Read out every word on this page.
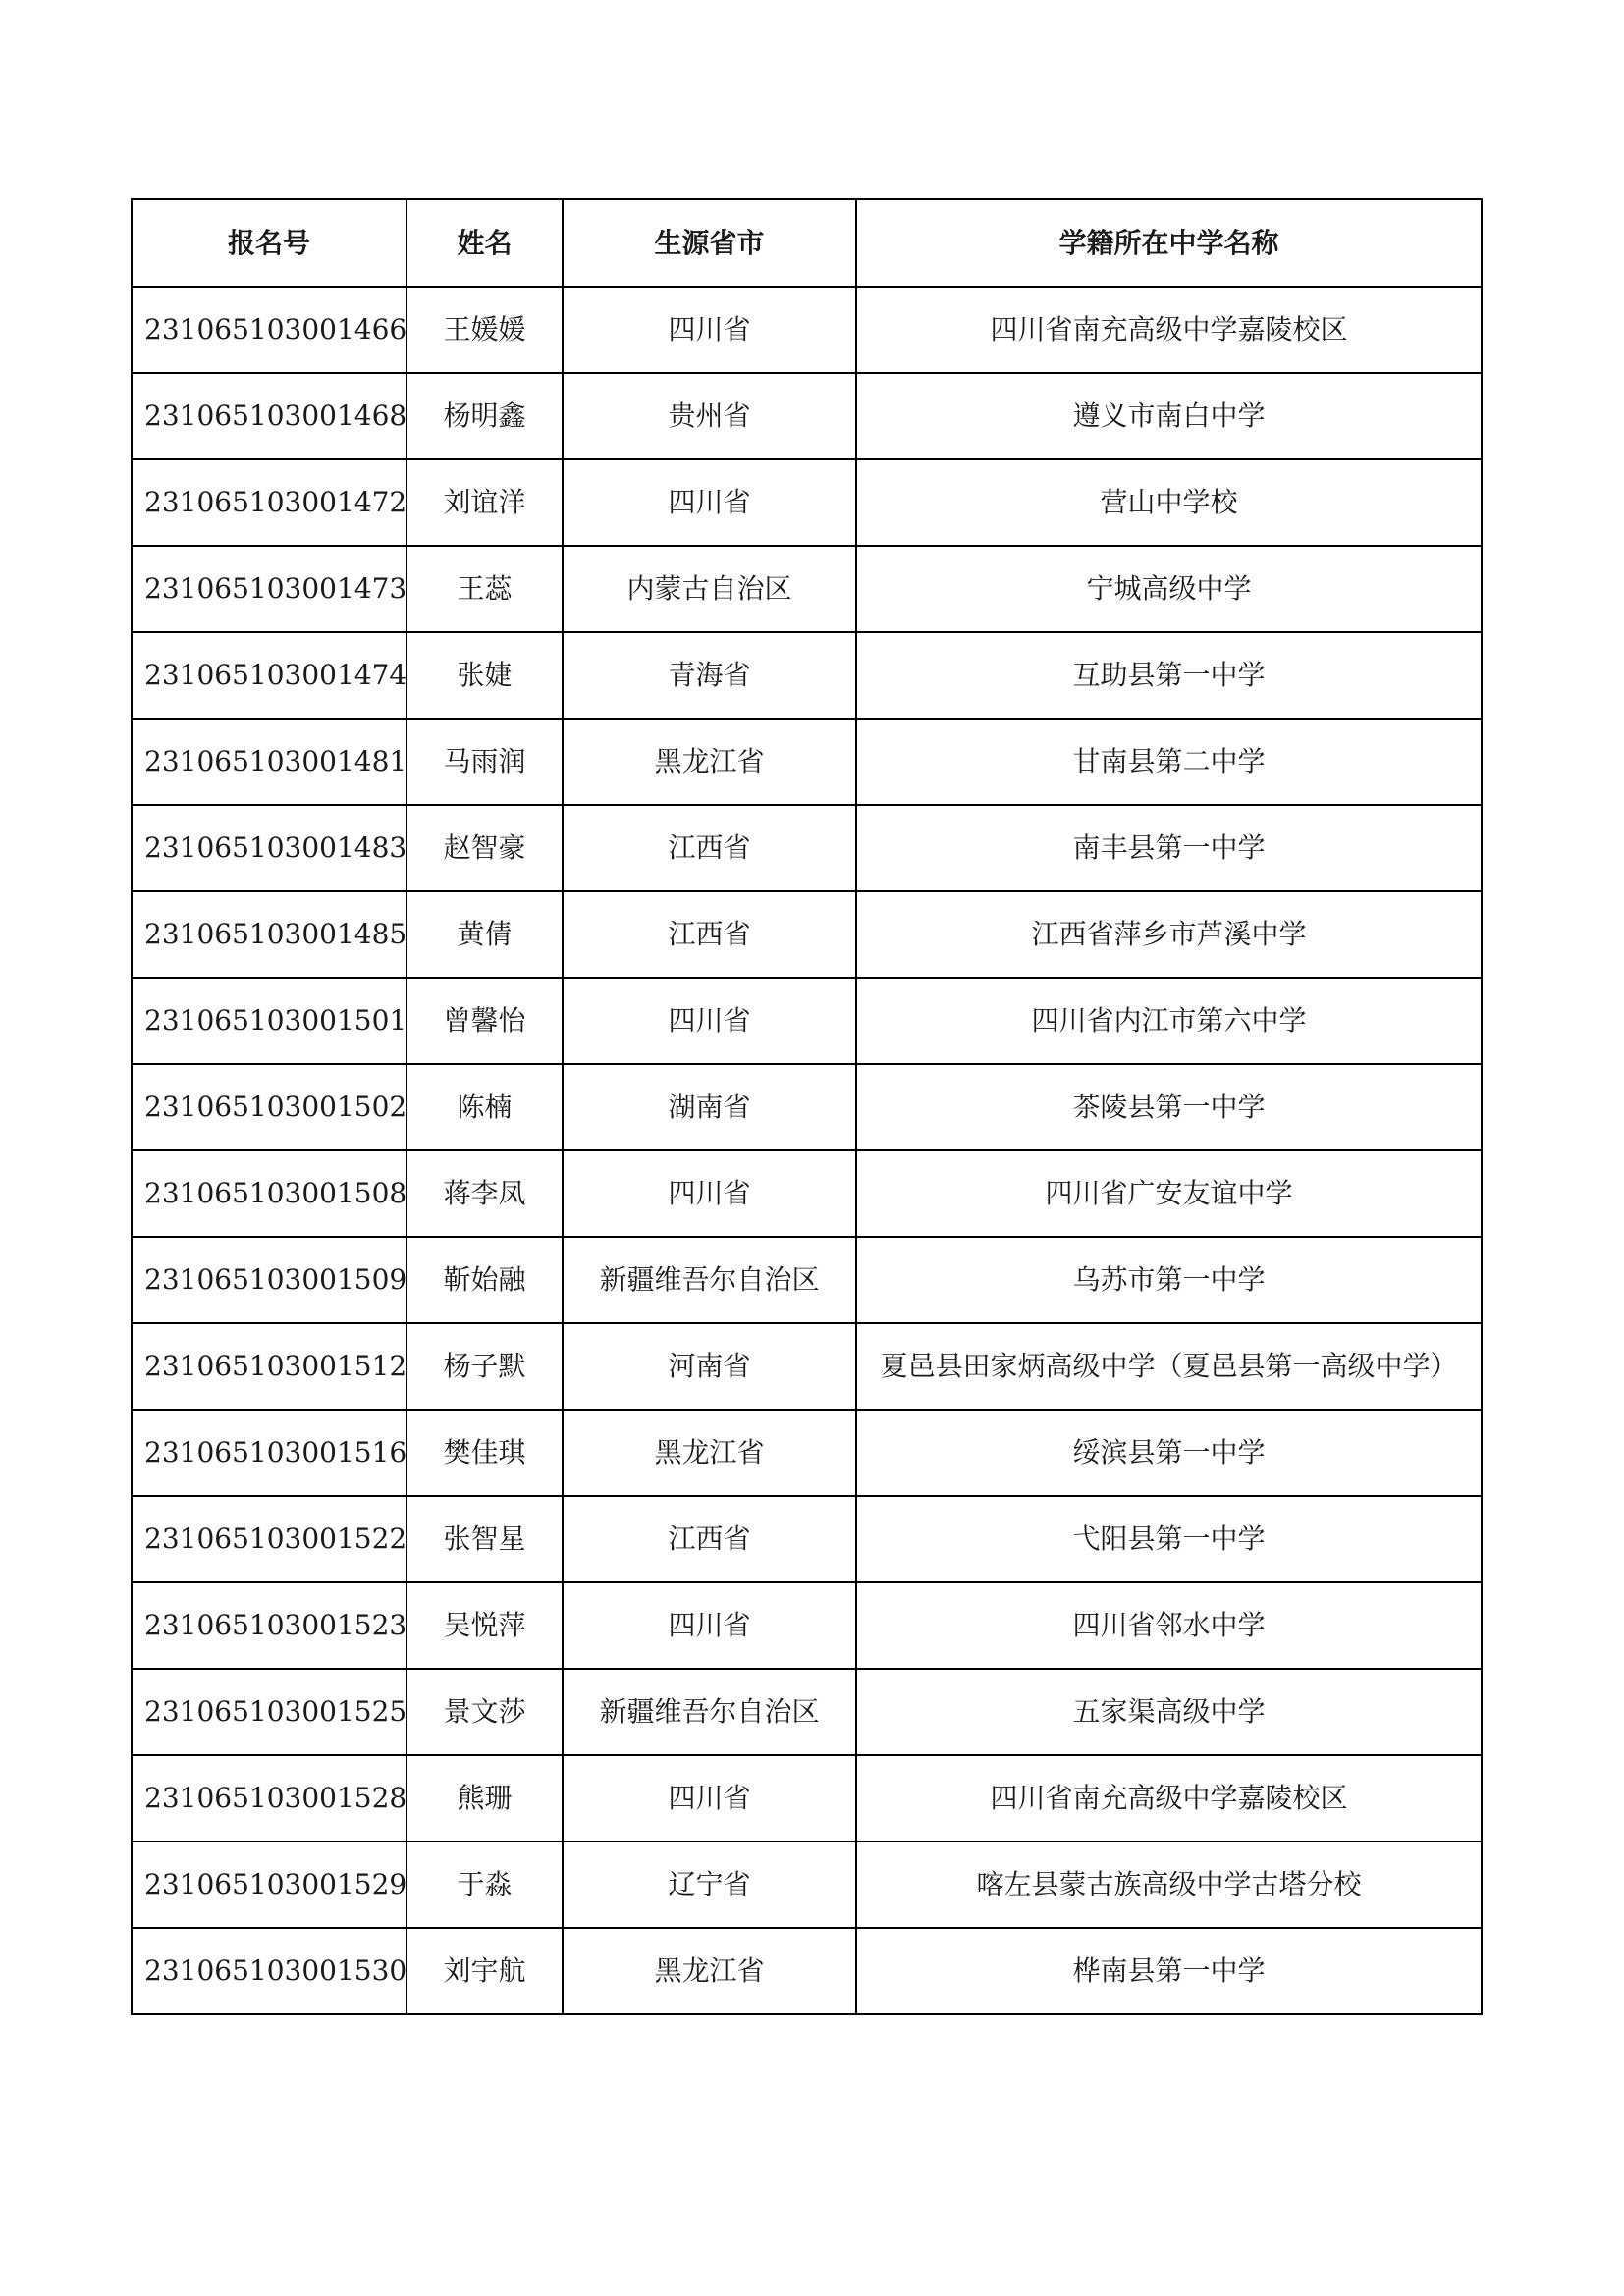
报名号	姓名	生源省市	学籍所在中学名称
231065103001466	王媛媛	四川省	四川省南充高级中学嘉陵校区
231065103001468	杨明鑫	贵州省	遵义市南白中学
231065103001472	刘谊洋	四川省	营山中学校
231065103001473	王蕊	内蒙古自治区	宁城高级中学
231065103001474	张婕	青海省	互助县第一中学
231065103001481	马雨润	黑龙江省	甘南县第二中学
231065103001483	赵智豪	江西省	南丰县第一中学
231065103001485	黄倩	江西省	江西省萍乡市芦溪中学
231065103001501	曾馨怡	四川省	四川省内江市第六中学
231065103001502	陈楠	湖南省	茶陵县第一中学
231065103001508	蒋李凤	四川省	四川省广安友谊中学
231065103001509	靳始融	新疆维吾尔自治区	乌苏市第一中学
231065103001512	杨子默	河南省	夏邑县田家炳高级中学（夏邑县第一高级中学）
231065103001516	樊佳琪	黑龙江省	绥滨县第一中学
231065103001522	张智星	江西省	弋阳县第一中学
231065103001523	吴悦萍	四川省	四川省邻水中学
231065103001525	景文莎	新疆维吾尔自治区	五家渠高级中学
231065103001528	熊珊	四川省	四川省南充高级中学嘉陵校区
231065103001529	于淼	辽宁省	喀左县蒙古族高级中学古塔分校
231065103001530	刘宇航	黑龙江省	桦南县第一中学
